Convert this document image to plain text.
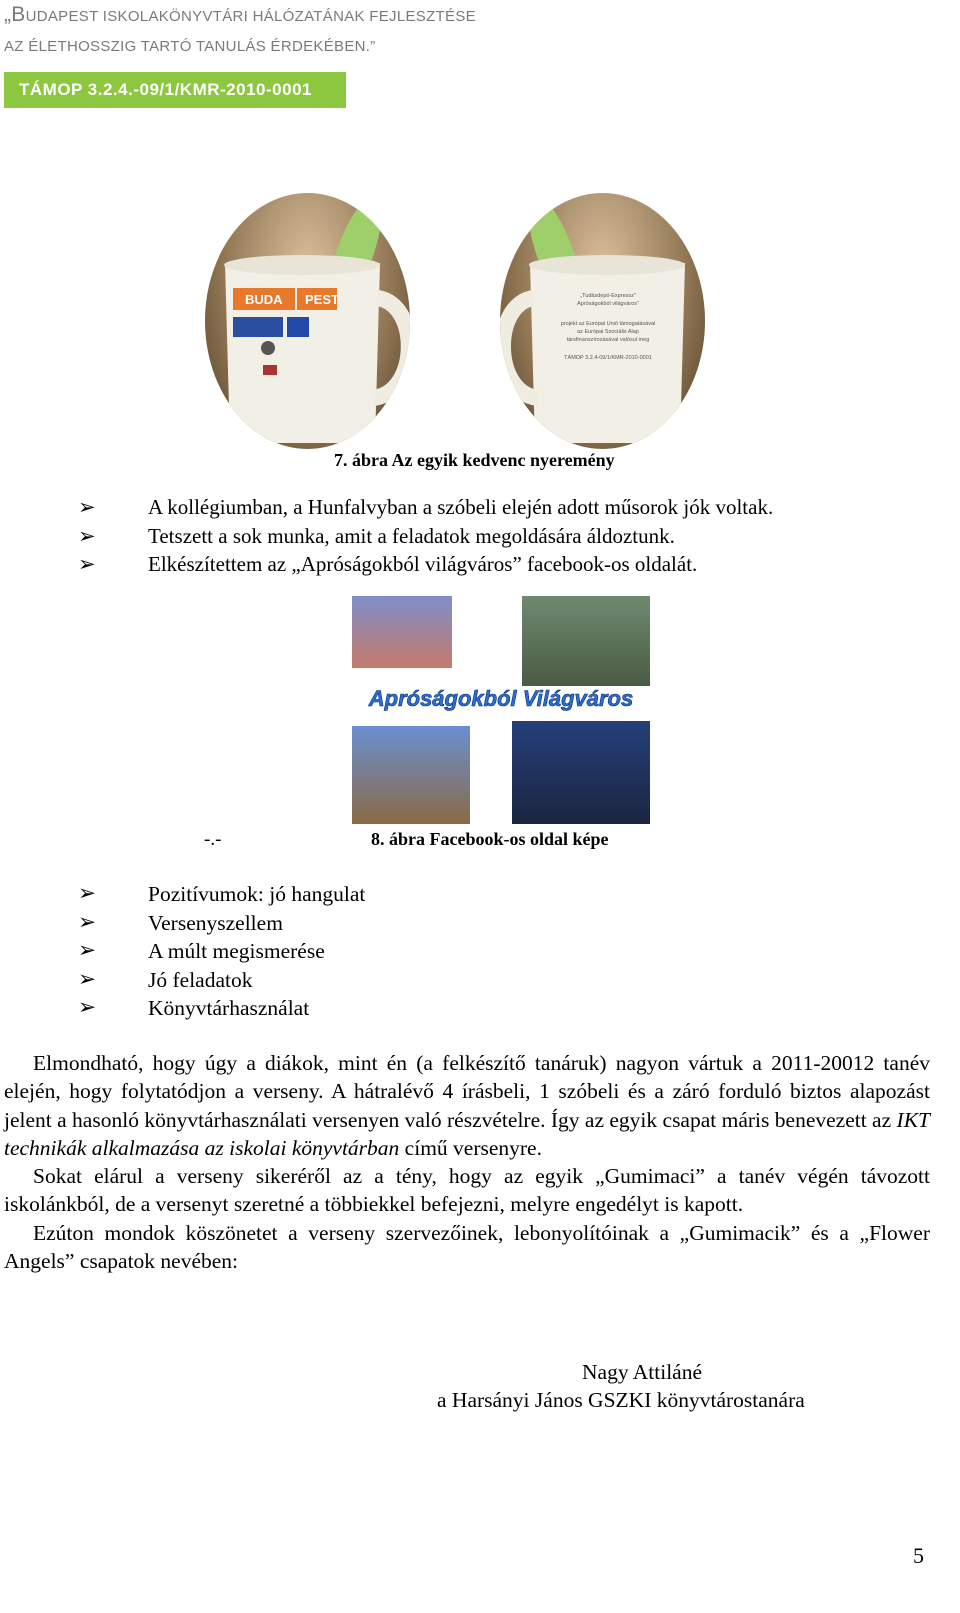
„BUDAPEST ISKOLAKÖNYVTÁRI HÁLÓZATÁNAK FEJLESZTÉSE
AZ ÉLETHOSSZIG TARTÓ TANULÁS ÉRDEKÉBEN.”
TÁMOP 3.2.4.-09/1/KMR-2010-0001
BUDA PEST	„Tudásdepó-Expressz”
Apróságokból világváros”
projekt az Európai Unió támogatásával
az Európai Szociális Alap
társfinanszírozásával valósul meg
TÁMOP 3.2.4-09/1/KMR-2010-0001
7. ábra Az egyik kedvenc nyeremény
➢ A kollégiumban, a Hunfalvyban a szóbeli elején adott műsorok jók voltak.
➢ Tetszett a sok munka, amit a feladatok megoldására áldoztunk.
➢ Elkészítettem az „Apróságokból világváros” facebook-os oldalát.
Apróságokból Világváros
-.-	8. ábra Facebook-os oldal képe
➢ Pozitívumok: jó hangulat
➢ Versenyszellem
➢ A múlt megismerése
➢ Jó feladatok
➢ Könyvtárhasználat

Elmondható, hogy úgy a diákok, mint én (a felkészítő tanáruk) nagyon vártuk a 2011-20012 tanév elején, hogy folytatódjon a verseny. A hátralévő 4 írásbeli, 1 szóbeli és a záró forduló biztos alapozást jelent a hasonló könyvtárhasználati versenyen való részvételre. Így az egyik csapat máris benevezett az IKT technikák alkalmazása az iskolai könyvtárban című versenyre.

Sokat elárul a verseny sikeréről az a tény, hogy az egyik „Gumimaci” a tanév végén távozott iskolánkból, de a versenyt szeretné a többiekkel befejezni, melyre engedélyt is kapott.

Ezúton mondok köszönetet a verseny szervezőinek, lebonyolítóinak a „Gumimacik” és a „Flower Angels” csapatok nevében:

Nagy Attiláné
a Harsányi János GSZKI könyvtárostanára
5
